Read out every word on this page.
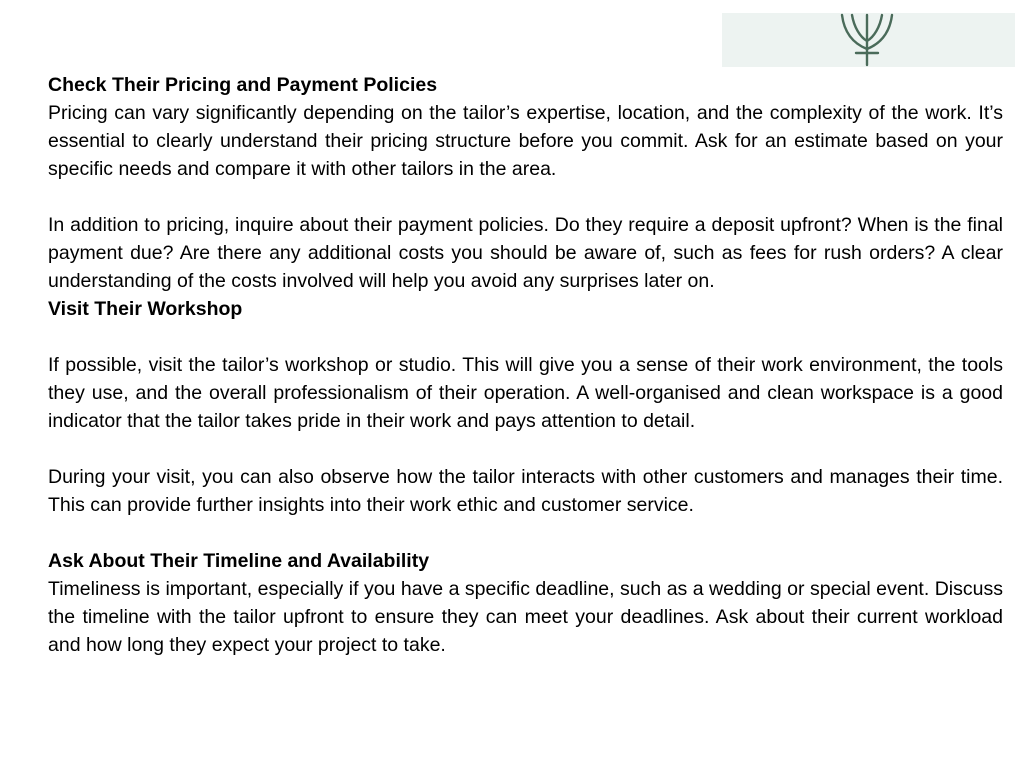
Check Their Pricing and Payment Policies

Pricing can vary significantly depending on the tailor’s expertise, location, and the complexity of the work. It’s essential to clearly understand their pricing structure before you commit. Ask for an estimate based on your specific needs and compare it with other tailors in the area.

In addition to pricing, inquire about their payment policies. Do they require a deposit upfront? When is the final payment due? Are there any additional costs you should be aware of, such as fees for rush orders? A clear understanding of the costs involved will help you avoid any surprises later on.

Visit Their Workshop

If possible, visit the tailor’s workshop or studio. This will give you a sense of their work environment, the tools they use, and the overall professionalism of their operation. A well-organised and clean workspace is a good indicator that the tailor takes pride in their work and pays attention to detail.

During your visit, you can also observe how the tailor interacts with other customers and manages their time. This can provide further insights into their work ethic and customer service.

Ask About Their Timeline and Availability

Timeliness is important, especially if you have a specific deadline, such as a wedding or special event. Discuss the timeline with the tailor upfront to ensure they can meet your deadlines. Ask about their current workload and how long they expect your project to take.
